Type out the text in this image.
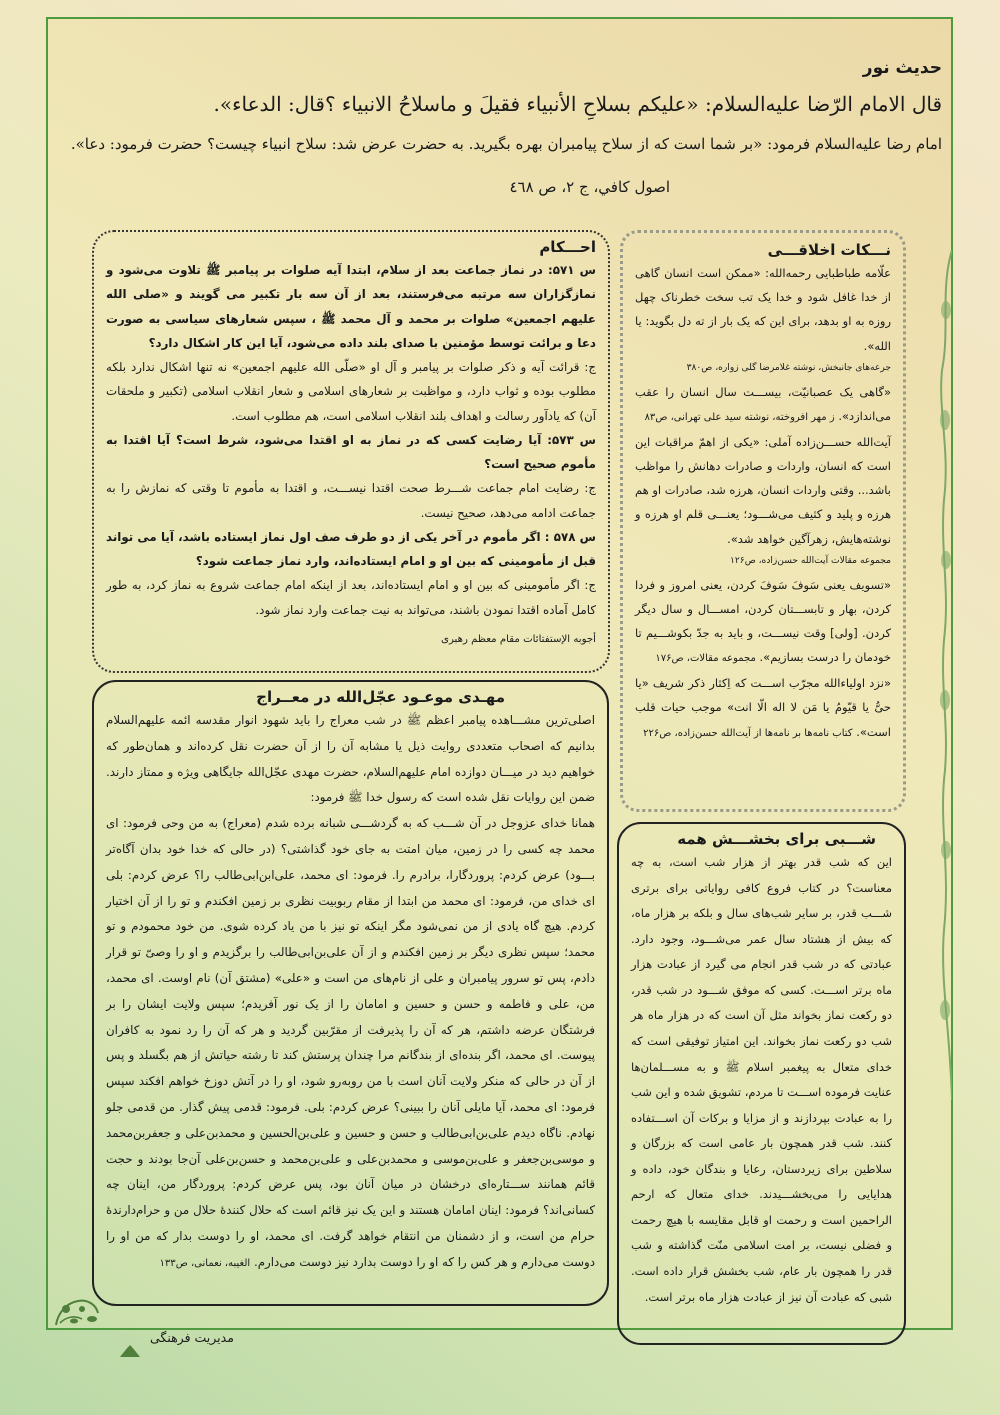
حدیث نور
قال الامام الرّضا عليه‌السلام: «عليكم بسلاحِ الأنبياء فقيلَ و ماسلاحُ الانبياء ؟قال: الدعاء».
امام رضا عليه‌السلام فرمود: «بر شما است كه از سلاح پيامبران بهره بگيريد. به حضرت عرض شد: سلاح انبياء چيست؟ حضرت فرمود: دعا».
اصول كافي، ج ٢، ص ٤٦٨
احـــكام

س ۵۷۱: در نماز جماعت بعد از سلام، ابتدا آیه صلوات بر پیامبر ﷺ تلاوت می‌شود و نمازگزاران سه مرتبه می‌فرستند، بعد از آن سه بار تکبیر می گویند و «صلی الله علیهم اجمعین» صلوات بر محمد و آل محمد ﷺ ، سپس شعارهای سیاسی به صورت دعا و برائت توسط مؤمنین با صدای بلند داده می‌شود، آیا این کار اشکال دارد؟

ج: قرائت آیه و ذکر صلوات بر پیامبر و آل او «صلّی الله علیهم اجمعین» نه تنها اشکال ندارد بلکه مطلوب بوده و ثواب دارد، و مواظبت بر شعارهای اسلامی و شعار انقلاب اسلامی (تکبیر و ملحقات آن) که یادآور رسالت و اهداف بلند انقلاب اسلامی است، هم مطلوب است.

س ۵۷۳: آیا رضایت کسی که در نماز به او اقتدا می‌شود، شرط است؟ آیا اقتدا به مأموم صحیح است؟

ج: رضایت امام جماعت شـــرط صحت اقتدا نیســـت، و اقتدا به مأموم تا وقتی که نمازش را به جماعت ادامه می‌دهد، صحیح نیست.

س ۵۷۸ : اگر مأموم در آخر یکی از دو طرف صف اول نماز ایستاده باشد، آیا می تواند قبل از مأمومینی که بین او و امام ایستاده‌اند، وارد نماز جماعت شود؟

ج: اگر مأمومینی که بین او و امام ایستاده‌اند، بعد از اینکه امام جماعت شروع به نماز کرد، به طور کامل آماده اقتدا نمودن باشند، می‌تواند به نیت جماعت وارد نماز شود.

أجوبه الإستفتائات مقام معظم رهبری

نـــکات اخلاقـــی

علّامه طباطبایی رحمه‌الله: «ممکن است انسان گاهی از خدا غافل شود و خدا یک تب سخت خطرناک چهل روزه به او بدهد، برای این که یک بار از ته دل بگوید: یا الله».

جرعه‌های جانبخش، نوشته غلامرضا گلی زواره، ص۳۸۰

«گاهی یک عصبانیّت، بیســـت سال انسان را عقب می‌اندازد». ز مهر افروخته، نوشته سید علی تهرانی، ص۸۳

آیت‌الله حســـن‌زاده آملی: «یکی از اهمّ مراقبات این است که انسان، واردات و صادرات دهانش را مواظب باشد... وقتی واردات انسان، هرزه شد، صادرات او هم هرزه و پلید و کثیف می‌شـــود؛ یعنـــی قلم او هرزه و نوشته‌هایش، زهرآگین خواهد شد».

مجموعه مقالات آیت‌الله حسن‌زاده، ص۱۲۶

«تسویف یعنی سَوفَ سَوفَ کردن، یعنی امروز و فردا کردن، بهار و تابســـتان کردن، امســـال و سال دیگر کردن. [ولی] وقت نیســـت، و باید به جدّ بکوشـــیم تا خودمان را درست بسازیم». مجموعه مقالات، ص۱۷۶

«نزد اولیاءالله مجرّب اســـت که اِکثار ذکر شریف «یا حیُّ یا قیّومُ یا مَن لا اله الّا انت» موجب حیات قلب است». کتاب نامه‌ها بر نامه‌ها از آیت‌الله حسن‌زاده، ص۲۲۶

مهـدی موعـود عجّل‌الله در معــراج

اصلی‌ترین مشـــاهده پیامبر اعظم ﷺ در شب معراج را باید شهود انوار مقدسه ائمه علیهم‌السلام بدانیم که اصحاب متعددی روایت ذیل یا مشابه آن را از آن حضرت نقل کرده‌اند و همان‌طور که خواهیم دید در میـــان دوازده امام علیهم‌السلام، حضرت مهدی عجّل‌الله جایگاهی ویژه و ممتاز دارند. ضمن این روایات نقل شده است که رسول خدا ﷺ فرمود:

همانا خدای عزوجل در آن شـــب که به گردشـــی شبانه برده شدم (معراج) به من وحی فرمود: ای محمد چه کسی را در زمین، میان امتت به جای خود گذاشتی؟ (در حالی که خدا خود بدان آگاه‌تر بـــود) عرض کردم: پروردگارا، برادرم را. فرمود: ای محمد، علی‌ابن‌ابی‌طالب را؟ عرض کردم: بلی ای خدای من، فرمود: ای محمد من ابتدا از مقام ربوبیت نظری بر زمین افکندم و تو را از آن اختیار کردم. هیچ گاه یادی از من نمی‌شود مگر اینکه تو نیز با من یاد کرده شوی. من خود محمودم و تو محمد؛ سپس نظری دیگر بر زمین افکندم و از آن علی‌بن‌ابی‌طالب را برگزیدم و او را وصیّ تو قرار دادم، پس تو سرور پیامبران و علی از نام‌های من است و «علی» (مشتق آن) نام اوست. ای محمد، من، علی و فاطمه و حسن و حسین و امامان را از یک نور آفریدم؛ سپس ولایت ایشان را بر فرشتگان عرضه داشتم، هر که آن را پذیرفت از مقرّبین گردید و هر که آن را رد نمود به کافران پیوست. ای محمد، اگر بنده‌ای از بندگانم مرا چندان پرستش کند تا رشته حیاتش از هم بگسلد و پس از آن در حالی که منکر ولایت آنان است با من روبه‌رو شود، او را در آتش دوزخ خواهم افکند سپس فرمود: ای محمد، آیا مایلی آنان را ببینی؟ عرض کردم: بلی. فرمود: قدمی پیش گذار. من قدمی جلو نهادم. ناگاه دیدم علی‌بن‌ابی‌طالب و حسن و حسین و علی‌بن‌الحسین و محمدبن‌علی و جعفربن‌محمد و موسی‌بن‌جعفر و علی‌بن‌موسی و محمدبن‌علی و علی‌بن‌محمد و حسن‌بن‌علی آن‌جا بودند و حجت قائم همانند ســـتاره‌ای درخشان در میان آنان بود، پس عرض کردم: پروردگار من، اینان چه کسانی‌اند؟ فرمود: اینان امامان هستند و این یک نیز قائم است که حلال کنندهٔ حلال من و حرام‌دارندهٔ حرام من است، و از دشمنان من انتقام خواهد گرفت. ای محمد، او را دوست بدار که من او را دوست می‌دارم و هر کس را که او را دوست بدارد نیز دوست می‌دارم. الغیبه، نعمانی، ص۱۳۳

شـــبی برای بخشـــش همه

این که شب قدر بهتر از هزار شب است، به چه معناست؟ در کتاب فروع کافی روایاتی برای برتری شـــب قدر، بر سایر شب‌های سال و بلکه بر هزار ماه، که بیش از هشتاد سال عمر می‌شـــود، وجود دارد. عبادتی که در شب قدر انجام می گیرد از عبادت هزار ماه برتر اســـت. کسی که موفق شـــود در شب قدر، دو رکعت نماز بخواند مثل آن است که در هزار ماه هر شب دو رکعت نماز بخواند. این امتیاز توفیقی است که خدای متعال به پیغمبر اسلام ﷺ و به مســـلمان‌ها عنایت فرموده اســـت تا مردم، تشویق شده و این شب را به عبادت بپردازند و از مزایا و برکات آن اســـتفاده کنند. شب قدر همچون بار عامی است که بزرگان و سلاطین برای زیردستان، رعایا و بندگان خود، داده و هدایایی را می‌بخشـــیدند. خدای متعال که ارحم الراحمین است و رحمت او قابل مقایسه با هیچ رحمت و فضلی نیست، بر امت اسلامی منّت گذاشته و شب قدر را همچون بار عام، شب بخشش قرار داده است. شبی که عبادت آن نیز از عبادت هزار ماه برتر است.

مدیریت فرهنگی
